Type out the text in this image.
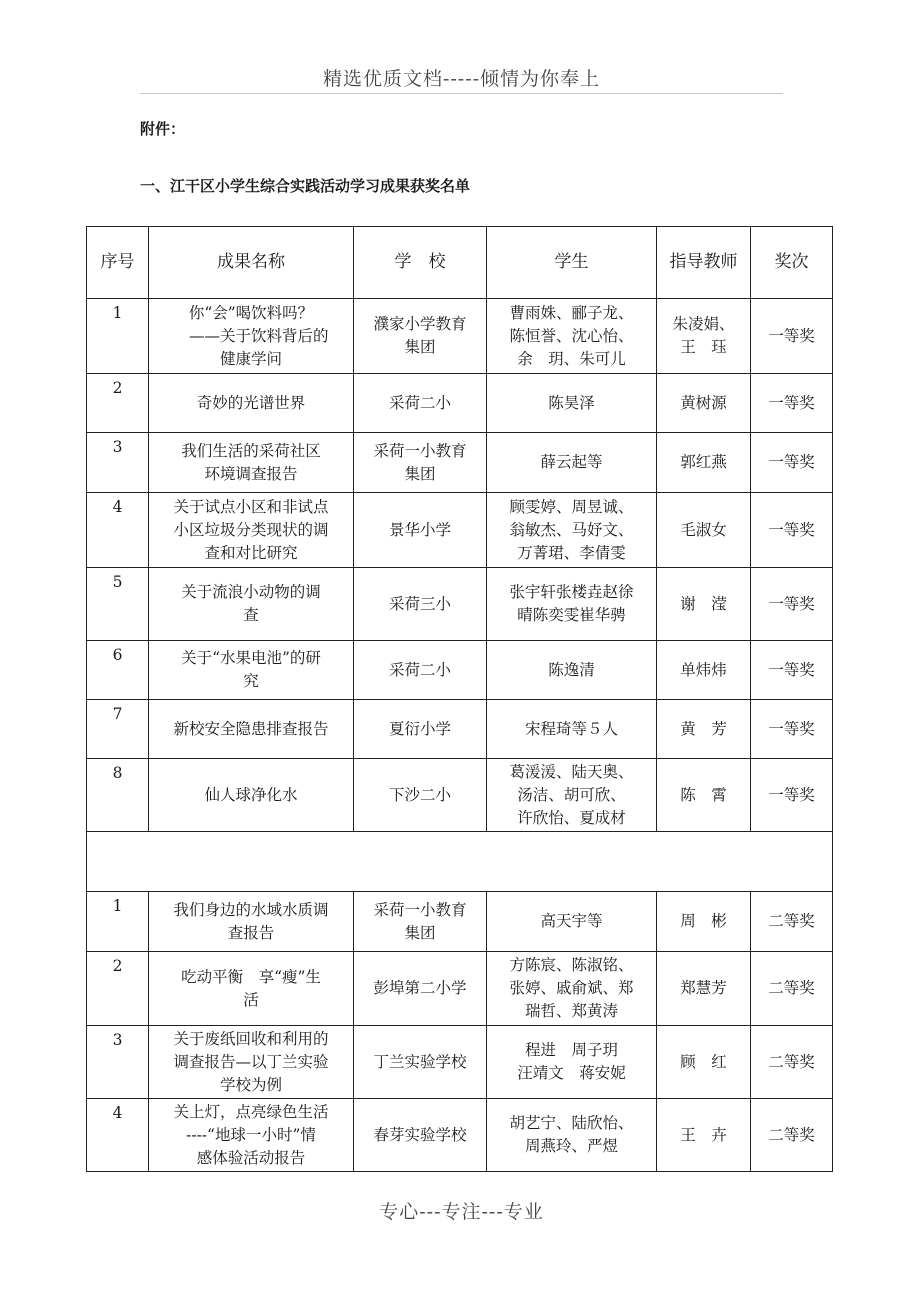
精选优质文档-----倾情为你奉上
附件：
一、江干区小学生综合实践活动学习成果获奖名单
序号	成果名称	学　校	学生	指导教师	奖次
1	你“会”喝饮料吗？
　——关于饮料背后的
健康学问	濮家小学教育
集团	曹雨姝、郦子龙、
陈恒誉、沈心怡、
余　玥、朱可儿	朱凌娟、
王　珏	一等奖
2	奇妙的光谱世界	采荷二小	陈昊泽	黄树源	一等奖
3	我们生活的采荷社区
环境调查报告	采荷一小教育
集团	薛云起等	郭红燕	一等奖
4	关于试点小区和非试点
小区垃圾分类现状的调
查和对比研究	景华小学	顾雯婷、周昱诚、
翁敏杰、马妤文、
万菁珺、李倩雯	毛淑女	一等奖
5	关于流浪小动物的调
查	采荷三小	张宇轩张楼垚赵徐
晴陈奕雯崔华骋	谢　滢	一等奖
6	关于“水果电池”的研
究	采荷二小	陈逸清	单炜炜	一等奖
7	新校安全隐患排查报告	夏衍小学	宋程琦等５人	黄　芳	一等奖
8	仙人球净化水	下沙二小	葛湲湲、陆天奥、
汤洁、胡可欣、
许欣怡、夏成材	陈　霄	一等奖

1	我们身边的水域水质调
查报告	采荷一小教育
集团	高天宇等	周　彬	二等奖
2	吃动平衡　享“瘦”生
活	彭埠第二小学	方陈宸、陈淑铭、
张婷、戚俞斌、郑
瑞哲、郑黄涛	郑慧芳	二等奖
3	关于废纸回收和利用的
调查报告—以丁兰实验
学校为例	丁兰实验学校	程进　周子玥
汪靖文　蒋安妮	顾　红	二等奖
4	关上灯，点亮绿色生活
----“地球一小时”情
感体验活动报告	春芽实验学校	胡艺宁、陆欣怡、
周燕玲、严煜	王　卉	二等奖
专心---专注---专业
